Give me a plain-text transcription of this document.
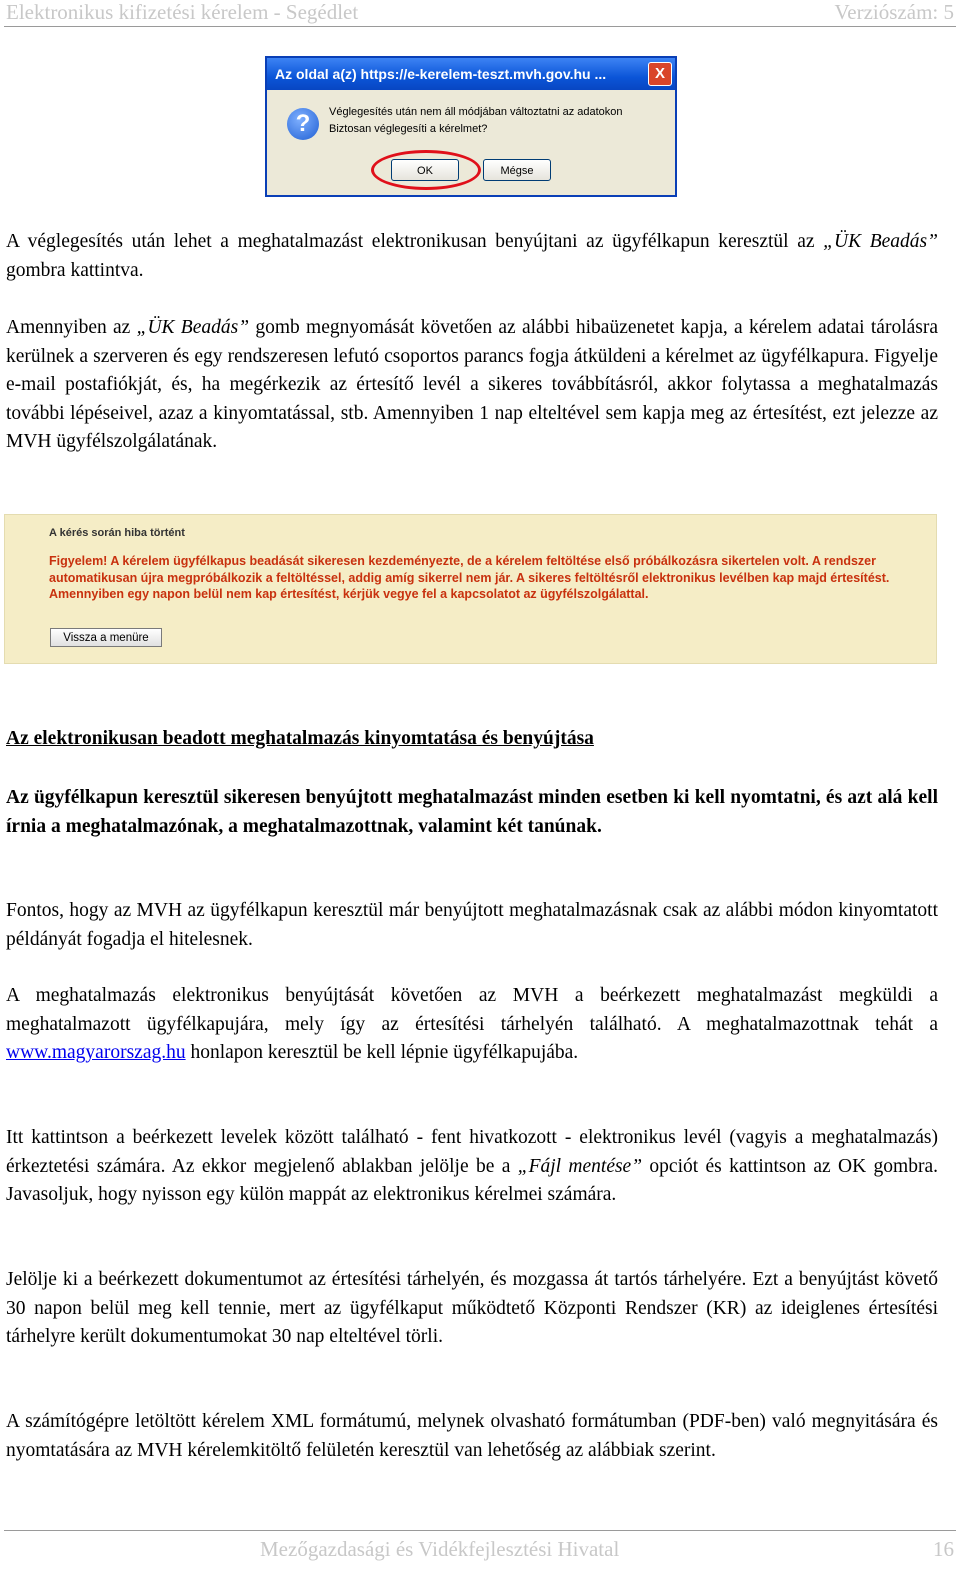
Elektronikus kifizetési kérelem - Segédlet	Verziószám: 5
Az oldal a(z) https://e-kerelem-teszt.mvh.gov.hu ...	X
?	Véglegesítés után nem áll módjában változtatni az adatokon
Biztosan véglegesíti a kérelmet?
OK	Mégse
A véglegesítés után lehet a meghatalmazást elektronikusan benyújtani az ügyfélkapun keresztül az „ÜK Beadás” gombra kattintva.
Amennyiben az „ÜK Beadás” gomb megnyomását követően az alábbi hibaüzenetet kapja, a kérelem adatai tárolásra kerülnek a szerveren és egy rendszeresen lefutó csoportos parancs fogja átküldeni a kérelmet az ügyfélkapura. Figyelje e-mail postafiókját, és, ha megérkezik az értesítő levél a sikeres továbbításról, akkor folytassa a meghatalmazás további lépéseivel, azaz a kinyomtatással, stb. Amennyiben 1 nap elteltével sem kapja meg az értesítést, ezt jelezze az MVH ügyfélszolgálatának.
A kérés során hiba történt
Figyelem! A kérelem ügyfélkapus beadását sikeresen kezdeményezte, de a kérelem feltöltése első próbálkozásra sikertelen volt. A rendszer automatikusan újra megpróbálkozik a feltöltéssel, addig amíg sikerrel nem jár. A sikeres feltöltésről elektronikus levélben kap majd értesítést. Amennyiben egy napon belül nem kap értesítést, kérjük vegye fel a kapcsolatot az ügyfélszolgálattal.
Vissza a menüre
Az elektronikusan beadott meghatalmazás kinyomtatása és benyújtása
Az ügyfélkapun keresztül sikeresen benyújtott meghatalmazást minden esetben ki kell nyomtatni, és azt alá kell írnia a meghatalmazónak, a meghatalmazottnak, valamint két tanúnak.
Fontos, hogy az MVH az ügyfélkapun keresztül már benyújtott meghatalmazásnak csak az alábbi módon kinyomtatott példányát fogadja el hitelesnek.
A meghatalmazás elektronikus benyújtását követően az MVH a beérkezett meghatalmazást megküldi a meghatalmazott ügyfélkapujára, mely így az értesítési tárhelyén található. A meghatalmazottnak tehát a www.magyarorszag.hu honlapon keresztül be kell lépnie ügyfélkapujába.
Itt kattintson a beérkezett levelek között található - fent hivatkozott - elektronikus levél (vagyis a meghatalmazás) érkeztetési számára. Az ekkor megjelenő ablakban jelölje be a „Fájl mentése” opciót és kattintson az OK gombra. Javasoljuk, hogy nyisson egy külön mappát az elektronikus kérelmei számára.
Jelölje ki a beérkezett dokumentumot az értesítési tárhelyén, és mozgassa át tartós tárhelyére. Ezt a benyújtást követő 30 napon belül meg kell tennie, mert az ügyfélkaput működtető Központi Rendszer (KR) az ideiglenes értesítési tárhelyre került dokumentumokat 30 nap elteltével törli.
A számítógépre letöltött kérelem XML formátumú, melynek olvasható formátumban (PDF-ben) való megnyitására és nyomtatására az MVH kérelemkitöltő felületén keresztül van lehetőség az alábbiak szerint.
Mezőgazdasági és Vidékfejlesztési Hivatal	16
